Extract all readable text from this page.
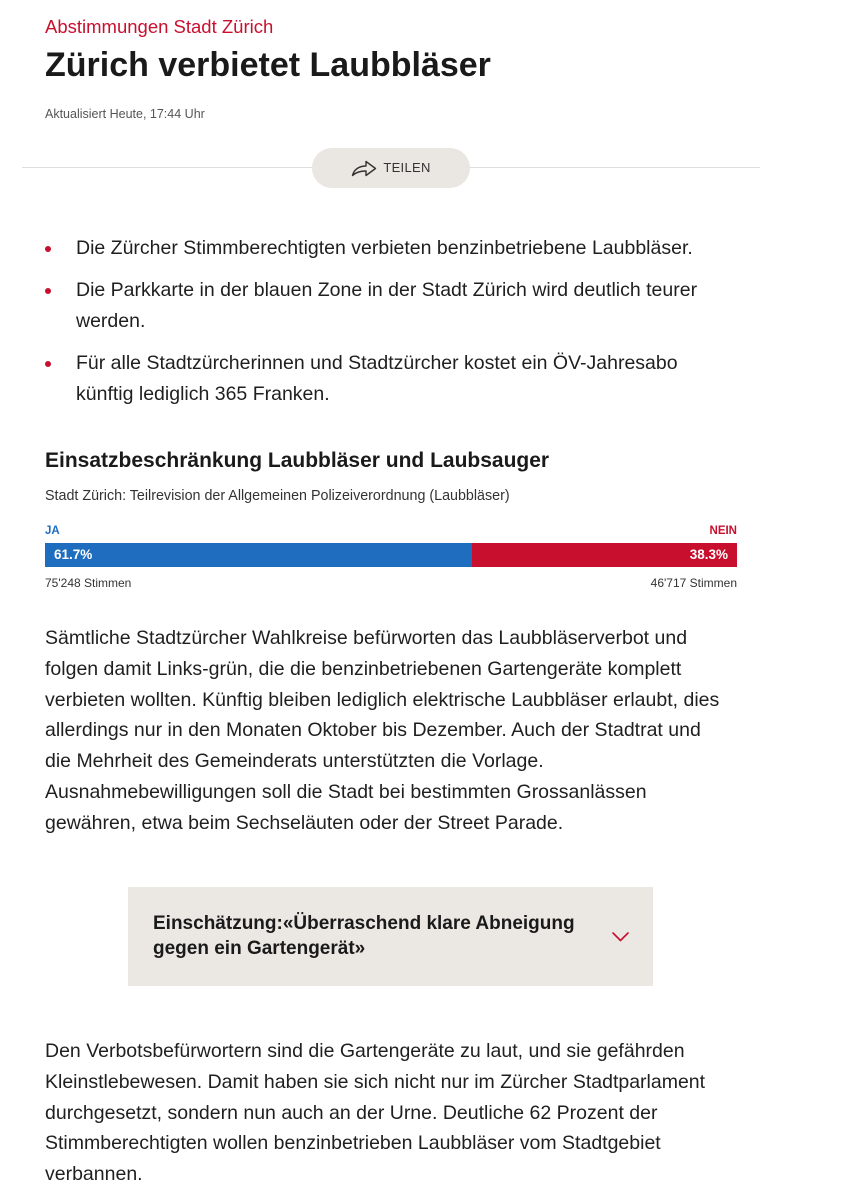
Abstimmungen Stadt Zürich
Zürich verbietet Laubbläser
Aktualisiert Heute, 17:44 Uhr
TEILEN
Die Zürcher Stimmberechtigten verbieten benzinbetriebene Laubbläser.
Die Parkkarte in der blauen Zone in der Stadt Zürich wird deutlich teurer werden.
Für alle Stadtzürcherinnen und Stadtzürcher kostet ein ÖV-Jahresabo künftig lediglich 365 Franken.
Einsatzbeschränkung Laubbläser und Laubsauger
Stadt Zürich: Teilrevision der Allgemeinen Polizeiverordnung (Laubbläser)
JA	NEIN
61.7%	38.3%
75'248 Stimmen	46'717 Stimmen

Sämtliche Stadtzürcher Wahlkreise befürworten das Laubbläserverbot und folgen damit Links-grün, die die benzinbetriebenen Gartengeräte komplett verbieten wollten. Künftig bleiben lediglich elektrische Laubbläser erlaubt, dies allerdings nur in den Monaten Oktober bis Dezember. Auch der Stadtrat und die Mehrheit des Gemeinderats unterstützten die Vorlage. Ausnahmebewilligungen soll die Stadt bei bestimmten Grossanlässen gewähren, etwa beim Sechseläuten oder der Street Parade.

Einschätzung:«Überraschend klare Abneigung gegen ein Gartengerät»

Den Verbotsbefürwortern sind die Gartengeräte zu laut, und sie gefährden Kleinstlebewesen. Damit haben sie sich nicht nur im Zürcher Stadtparlament durchgesetzt, sondern nun auch an der Urne. Deutliche 62 Prozent der Stimmberechtigten wollen benzinbetrieben Laubbläser vom Stadtgebiet verbannen.
